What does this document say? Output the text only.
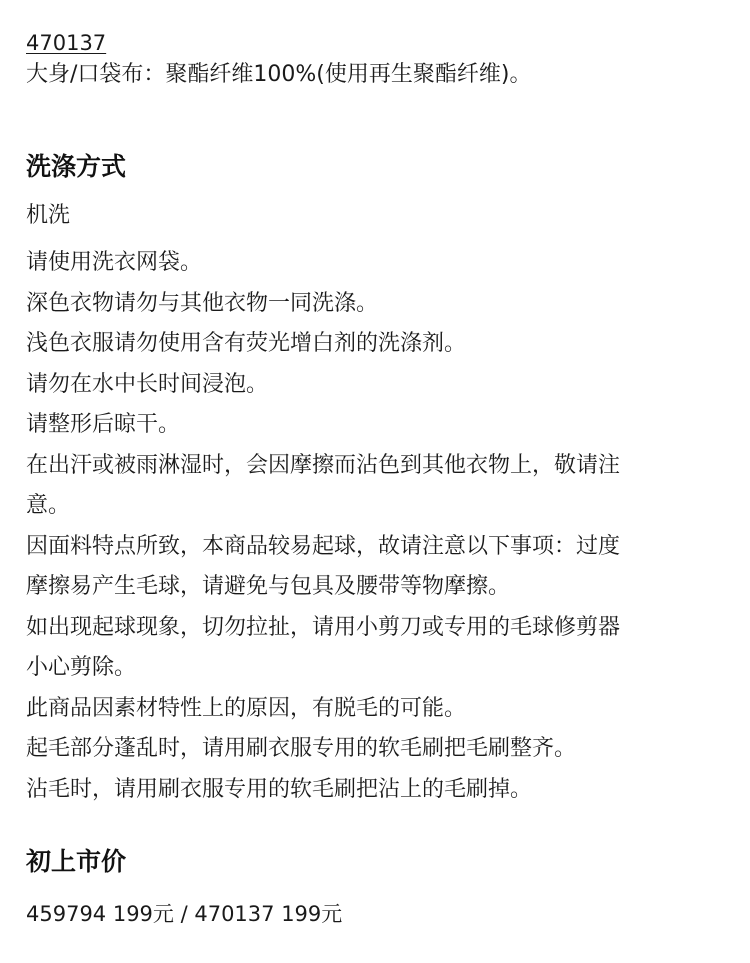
470137
大身/口袋布：聚酯纤维100%(使用再生聚酯纤维)。
洗涤方式
机洗
请使用洗衣网袋。
深色衣物请勿与其他衣物一同洗涤。
浅色衣服请勿使用含有荧光增白剂的洗涤剂。
请勿在水中长时间浸泡。
请整形后晾干。
在出汗或被雨淋湿时，会因摩擦而沾色到其他衣物上，敬请注
意。
因面料特点所致，本商品较易起球，故请注意以下事项：过度
摩擦易产生毛球，请避免与包具及腰带等物摩擦。
如出现起球现象，切勿拉扯，请用小剪刀或专用的毛球修剪器
小心剪除。
此商品因素材特性上的原因，有脱毛的可能。
起毛部分蓬乱时，请用刷衣服专用的软毛刷把毛刷整齐。
沾毛时，请用刷衣服专用的软毛刷把沾上的毛刷掉。
初上市价
459794 199元 / 470137 199元
